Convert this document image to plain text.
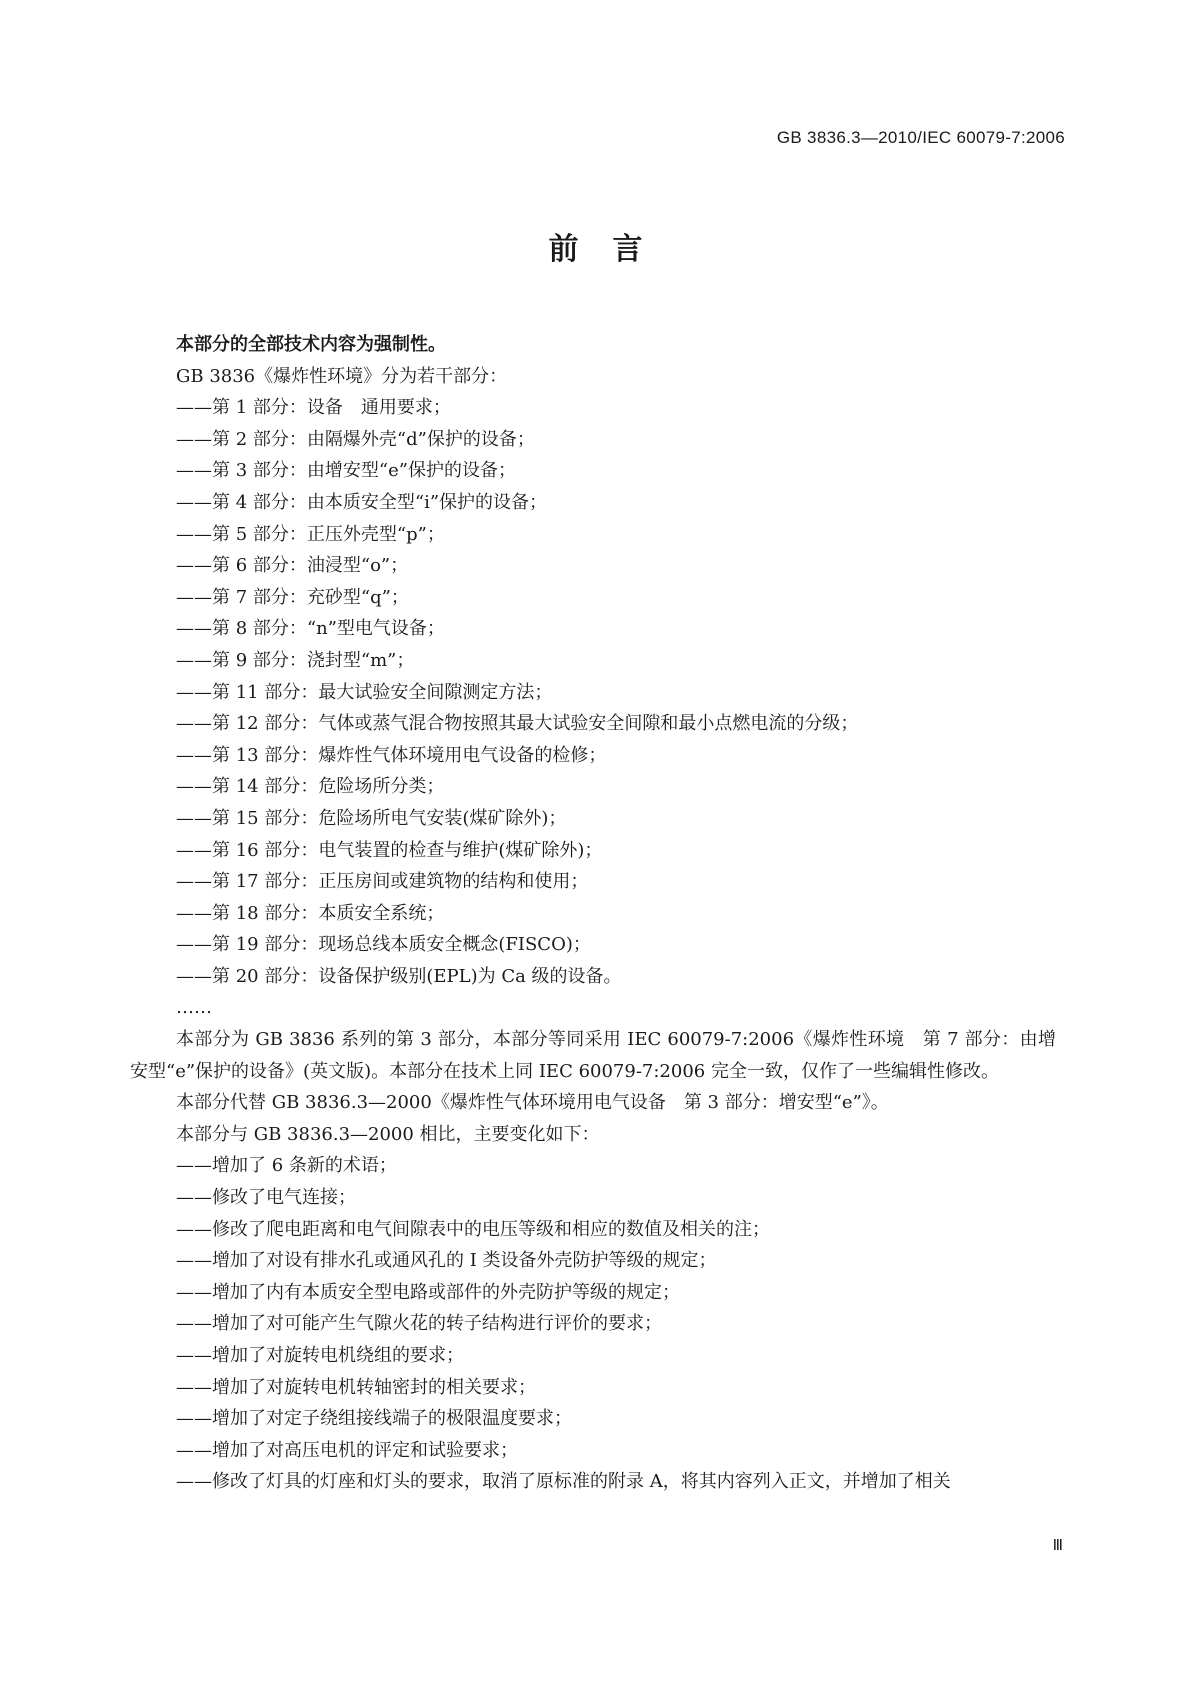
GB 3836.3—2010/IEC 60079-7:2006
前言
本部分的全部技术内容为强制性。
GB 3836《爆炸性环境》分为若干部分：
——第 1 部分：设备　通用要求；
——第 2 部分：由隔爆外壳“d”保护的设备；
——第 3 部分：由增安型“e”保护的设备；
——第 4 部分：由本质安全型“i”保护的设备；
——第 5 部分：正压外壳型“p”；
——第 6 部分：油浸型“o”；
——第 7 部分：充砂型“q”；
——第 8 部分：“n”型电气设备；
——第 9 部分：浇封型“m”；
——第 11 部分：最大试验安全间隙测定方法；
——第 12 部分：气体或蒸气混合物按照其最大试验安全间隙和最小点燃电流的分级；
——第 13 部分：爆炸性气体环境用电气设备的检修；
——第 14 部分：危险场所分类；
——第 15 部分：危险场所电气安装(煤矿除外)；
——第 16 部分：电气装置的检查与维护(煤矿除外)；
——第 17 部分：正压房间或建筑物的结构和使用；
——第 18 部分：本质安全系统；
——第 19 部分：现场总线本质安全概念(FISCO)；
——第 20 部分：设备保护级别(EPL)为 Ca 级的设备。
……
本部分为 GB 3836 系列的第 3 部分，本部分等同采用 IEC 60079-7:2006《爆炸性环境　第 7 部分：由增安型“e”保护的设备》(英文版)。本部分在技术上同 IEC 60079-7:2006 完全一致，仅作了一些编辑性修改。
本部分代替 GB 3836.3—2000《爆炸性气体环境用电气设备　第 3 部分：增安型“e”》。
本部分与 GB 3836.3—2000 相比，主要变化如下：
——增加了 6 条新的术语；
——修改了电气连接；
——修改了爬电距离和电气间隙表中的电压等级和相应的数值及相关的注；
——增加了对设有排水孔或通风孔的 Ⅰ 类设备外壳防护等级的规定；
——增加了内有本质安全型电路或部件的外壳防护等级的规定；
——增加了对可能产生气隙火花的转子结构进行评价的要求；
——增加了对旋转电机绕组的要求；
——增加了对旋转电机转轴密封的相关要求；
——增加了对定子绕组接线端子的极限温度要求；
——增加了对高压电机的评定和试验要求；
——修改了灯具的灯座和灯头的要求，取消了原标准的附录 A，将其内容列入正文，并增加了相关
Ⅲ
